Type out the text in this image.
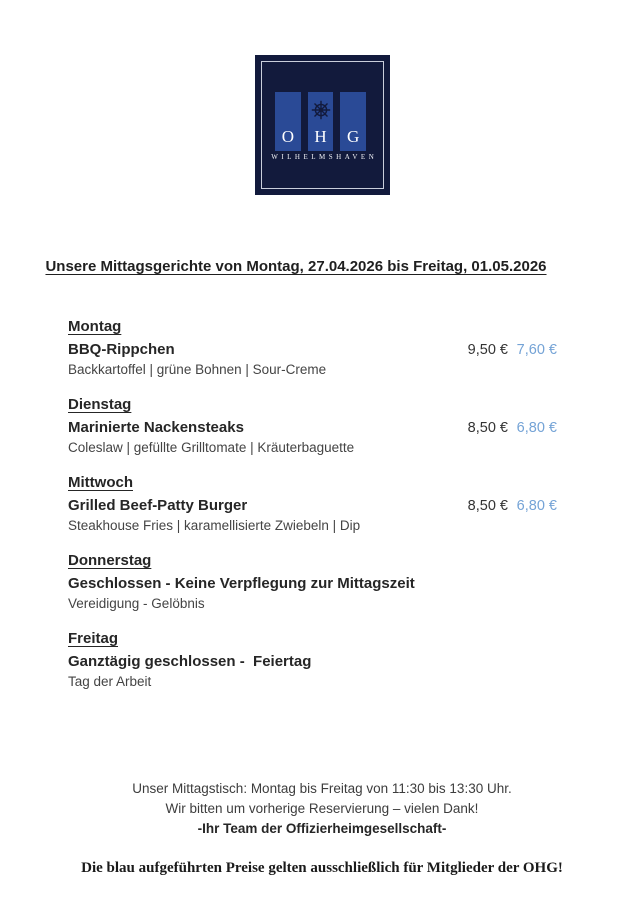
O	H	G
WILHELMSHAVEN
Unsere Mittagsgerichte von Montag, 27.04.2026 bis Freitag, 01.05.2026
Montag
BBQ-Rippchen	9,50 € 7,60 €
Backkartoffel | grüne Bohnen | Sour-Creme
Dienstag
Marinierte Nackensteaks	8,50 € 6,80 €
Coleslaw | gefüllte Grilltomate | Kräuterbaguette
Mittwoch
Grilled Beef-Patty Burger	8,50 € 6,80 €
Steakhouse Fries | karamellisierte Zwiebeln | Dip
Donnerstag
Geschlossen - Keine Verpflegung zur Mittagszeit
Vereidigung - Gelöbnis
Freitag
Ganztägig geschlossen -  Feiertag
Tag der Arbeit
Unser Mittagstisch: Montag bis Freitag von 11:30 bis 13:30 Uhr.
Wir bitten um vorherige Reservierung – vielen Dank!
-Ihr Team der Offizierheimgesellschaft-
Die blau aufgeführten Preise gelten ausschließlich für Mitglieder der OHG!
